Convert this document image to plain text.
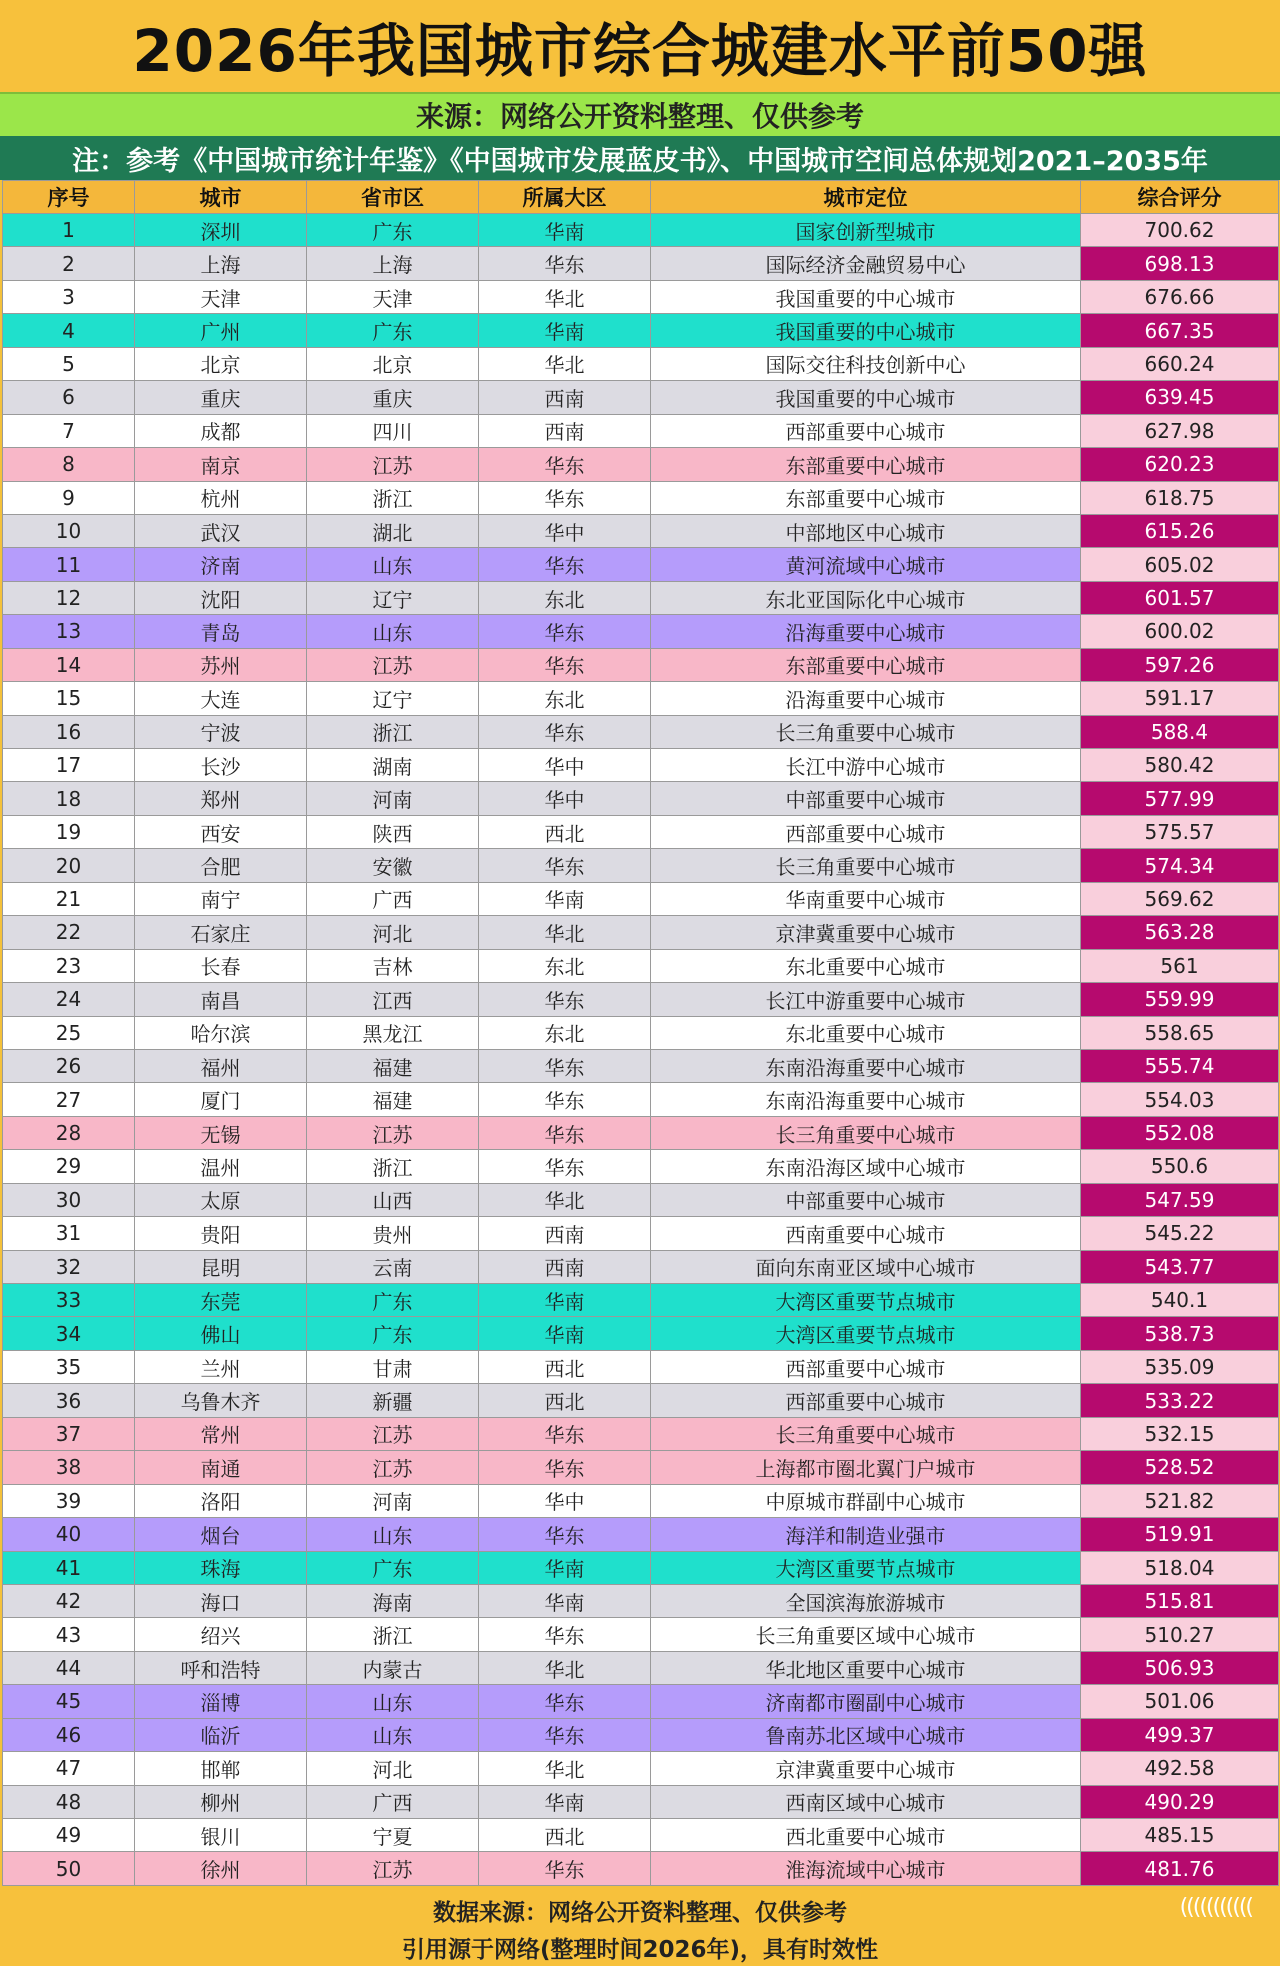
2026年我国城市综合城建水平前50强
来源：网络公开资料整理、仅供参考
注：参考《中国城市统计年鉴》《中国城市发展蓝皮书》、中国城市空间总体规划2021–2035年
序号	城市	省市区	所属大区	城市定位	综合评分
1	深圳	广东	华南	国家创新型城市	700.62
2	上海	上海	华东	国际经济金融贸易中心	698.13
3	天津	天津	华北	我国重要的中心城市	676.66
4	广州	广东	华南	我国重要的中心城市	667.35
5	北京	北京	华北	国际交往科技创新中心	660.24
6	重庆	重庆	西南	我国重要的中心城市	639.45
7	成都	四川	西南	西部重要中心城市	627.98
8	南京	江苏	华东	东部重要中心城市	620.23
9	杭州	浙江	华东	东部重要中心城市	618.75
10	武汉	湖北	华中	中部地区中心城市	615.26
11	济南	山东	华东	黄河流域中心城市	605.02
12	沈阳	辽宁	东北	东北亚国际化中心城市	601.57
13	青岛	山东	华东	沿海重要中心城市	600.02
14	苏州	江苏	华东	东部重要中心城市	597.26
15	大连	辽宁	东北	沿海重要中心城市	591.17
16	宁波	浙江	华东	长三角重要中心城市	588.4
17	长沙	湖南	华中	长江中游中心城市	580.42
18	郑州	河南	华中	中部重要中心城市	577.99
19	西安	陕西	西北	西部重要中心城市	575.57
20	合肥	安徽	华东	长三角重要中心城市	574.34
21	南宁	广西	华南	华南重要中心城市	569.62
22	石家庄	河北	华北	京津冀重要中心城市	563.28
23	长春	吉林	东北	东北重要中心城市	561
24	南昌	江西	华东	长江中游重要中心城市	559.99
25	哈尔滨	黑龙江	东北	东北重要中心城市	558.65
26	福州	福建	华东	东南沿海重要中心城市	555.74
27	厦门	福建	华东	东南沿海重要中心城市	554.03
28	无锡	江苏	华东	长三角重要中心城市	552.08
29	温州	浙江	华东	东南沿海区域中心城市	550.6
30	太原	山西	华北	中部重要中心城市	547.59
31	贵阳	贵州	西南	西南重要中心城市	545.22
32	昆明	云南	西南	面向东南亚区域中心城市	543.77
33	东莞	广东	华南	大湾区重要节点城市	540.1
34	佛山	广东	华南	大湾区重要节点城市	538.73
35	兰州	甘肃	西北	西部重要中心城市	535.09
36	乌鲁木齐	新疆	西北	西部重要中心城市	533.22
37	常州	江苏	华东	长三角重要中心城市	532.15
38	南通	江苏	华东	上海都市圈北翼门户城市	528.52
39	洛阳	河南	华中	中原城市群副中心城市	521.82
40	烟台	山东	华东	海洋和制造业强市	519.91
41	珠海	广东	华南	大湾区重要节点城市	518.04
42	海口	海南	华南	全国滨海旅游城市	515.81
43	绍兴	浙江	华东	长三角重要区域中心城市	510.27
44	呼和浩特	内蒙古	华北	华北地区重要中心城市	506.93
45	淄博	山东	华东	济南都市圈副中心城市	501.06
46	临沂	山东	华东	鲁南苏北区域中心城市	499.37
47	邯郸	河北	华北	京津冀重要中心城市	492.58
48	柳州	广西	华南	西南区域中心城市	490.29
49	银川	宁夏	西北	西北重要中心城市	485.15
50	徐州	江苏	华东	淮海流域中心城市	481.76
数据来源：网络公开资料整理、仅供参考
引用源于网络(整理时间2026年)，具有时效性
(((((((((((
